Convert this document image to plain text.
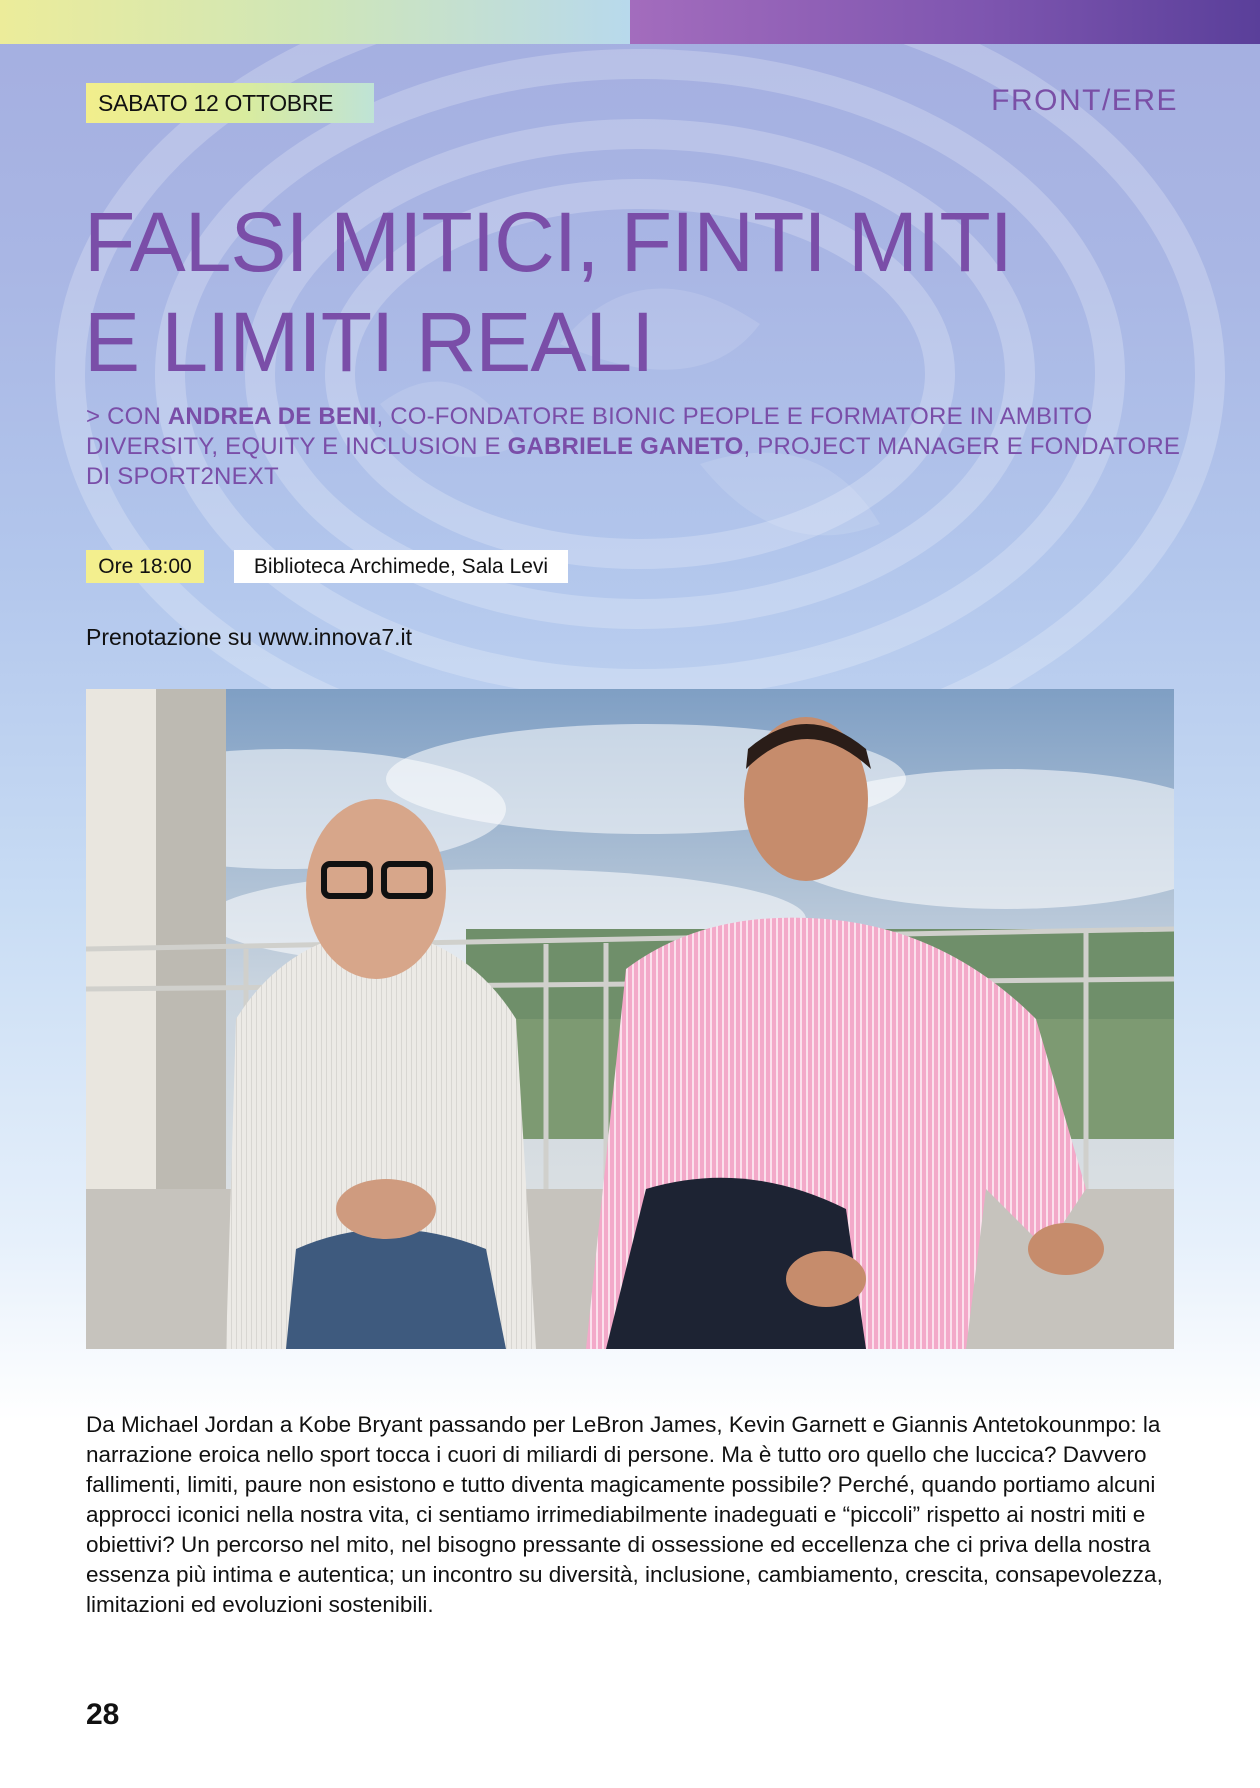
SABATO 12 OTTOBRE	FRONT/ERE
FALSI MITICI, FINTI MITI
E LIMITI REALI

> CON ANDREA DE BENI, CO-FONDATORE BIONIC PEOPLE E FORMATORE IN AMBITO DIVERSITY, EQUITY E INCLUSION E GABRIELE GANETO, PROJECT MANAGER E FONDATORE DI SPORT2NEXT

Ore 18:00	Biblioteca Archimede, Sala Levi
Prenotazione su www.innova7.it

Da Michael Jordan a Kobe Bryant passando per LeBron James, Kevin Garnett e Giannis Antetokounmpo: la narrazione eroica nello sport tocca i cuori di miliardi di persone. Ma è tutto oro quello che luccica? Davvero fallimenti, limiti, paure non esistono e tutto diventa magicamente possibile? Perché, quando portiamo alcuni approcci iconici nella nostra vita, ci sentiamo irrimediabilmente inadeguati e “piccoli” rispetto ai nostri miti e obiettivi? Un percorso nel mito, nel bisogno pressante di ossessione ed eccellenza che ci priva della nostra essenza più intima e autentica; un incontro su diversità, inclusione, cambiamento, crescita, consapevolezza, limitazioni ed evoluzioni sostenibili.

28
